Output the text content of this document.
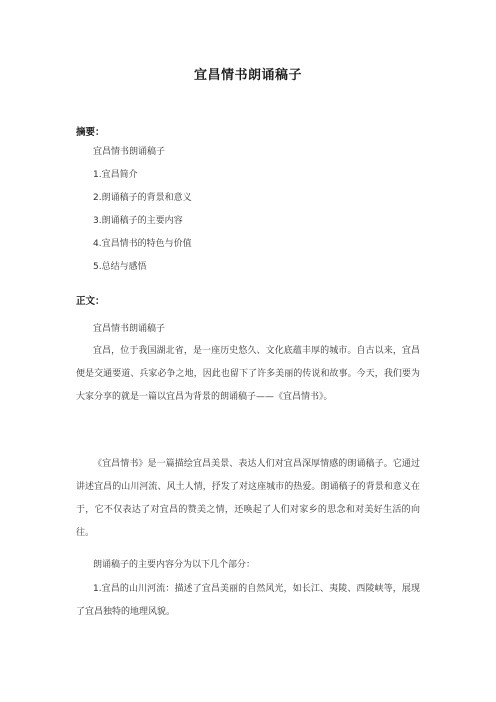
宜昌情书朗诵稿子
摘要：
宜昌情书朗诵稿子
1.宜昌简介
2.朗诵稿子的背景和意义
3.朗诵稿子的主要内容
4.宜昌情书的特色与价值
5.总结与感悟
正文：

宜昌情书朗诵稿子

宜昌，位于我国湖北省，是一座历史悠久、文化底蕴丰厚的城市。自古以来，宜昌便是交通要道、兵家必争之地，因此也留下了许多美丽的传说和故事。今天，我们要为大家分享的就是一篇以宜昌为背景的朗诵稿子——《宜昌情书》。

《宜昌情书》是一篇描绘宜昌美景、表达人们对宜昌深厚情感的朗诵稿子。它通过讲述宜昌的山川河流、风土人情，抒发了对这座城市的热爱。朗诵稿子的背景和意义在于，它不仅表达了对宜昌的赞美之情，还唤起了人们对家乡的思念和对美好生活的向往。

朗诵稿子的主要内容分为以下几个部分：

1.宜昌的山川河流：描述了宜昌美丽的自然风光，如长江、夷陵、西陵峡等，展现了宜昌独特的地理风貌。
